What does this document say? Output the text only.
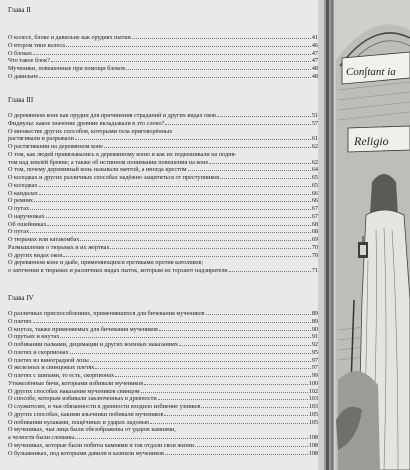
Глава II
О колесе, блоке и давильне как орудиях пытки	41
О втором типе колеса	46
О блоках	47
Что такое блок?	47
Мученики, повешенные при помощи блоков	48
О давильне	48
Глава III
О деревянном коне как орудии для причинения страданий и других видах оков	51
Фидиулы: какое значение древние вкладывали в это слово?	57
О множестве других способов, которыми тела приговорённых
растягивали и разрывали	61
О растягивании на деревянном коне	62
О том, как людей привязывались к деревянному коню и как их подвешивали на подня-
том над землёй бревне; а также об истинном понимании повешения на коне	62
О том, почему деревянный конь называли мачтой, а иногда крестом	64
О колодках и других различных способах надёжно защититься от преступников	65
О колодках	65
О кандалах	66
О ремнях	66
О путах	67
О наручниках	67
Об ошейниках	68
О путах	68
О тюрьмах или катакомбах	69
Размышление о тюрьмах и их жертвах	70
О других видах оков	70
О деревянном коне и дыбе, применяющихся еретиками против католиков;
о заточении в тюрьмах и различных видах пыток, которым их терзают надзиратели	71
Глава IV
О различных приспособлениях, применявшихся для бичевания мучеников	89
О плетях	89
О кнутах, также применяемых для бичевания мучеников	90
О прутьях и кнутах	91
О побивании палками, децимации и других военных наказаниях	92
О плетях и скорпионах	95
О плетях из виноградной лозы	97
О железных и свинцовых плетях	97
О плетях с шипами, то есть, скорпионах	99
Утяжелённые бичи, которыми избивали мучеников	100
О других способах наказания мучеников свинцом	102
О способе, которым избивали заключенных в древности	103
О служителях, в чьи обязанности в древности входило избиение узников	103
О других способах, какими язычники побивали мучеников	105
О побивании кулаками, пощёчинах и ударах ладонью	105
О мучениках, чьи лица были обезображены от ударов камнями,
а челюсти были сломаны	108
О мучениках, которые были побиты камнями и так отдали свои жизни	108
О булыжниках, под которыми давили и казнили мучеников	108
Con∫tant ia
Religio
